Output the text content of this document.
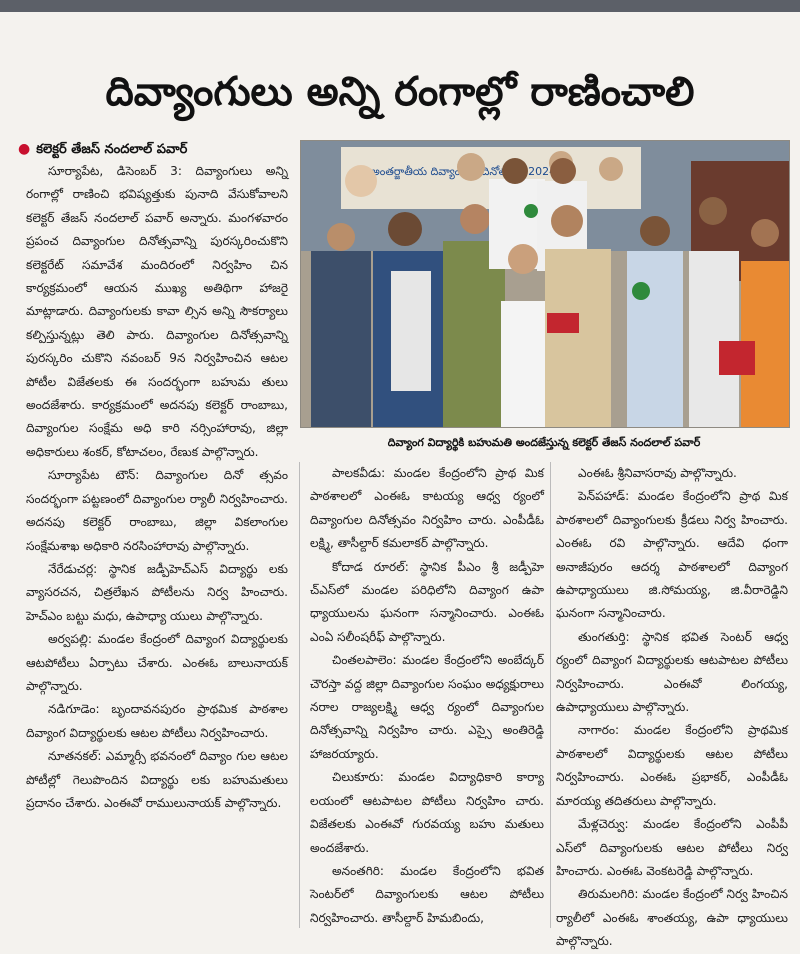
దివ్యాంగులు అన్ని రంగాల్లో రాణించాలి
● కలెక్టర్ తేజస్ నందలాల్ పవార్

సూర్యాపేట, డిసెంబర్ 3: దివ్యాంగులు అన్ని రంగాల్లో రాణించి భవిష్యత్తుకు పునాది వేసుకోవాలని కలెక్టర్ తేజస్ నందలాల్ పవార్ అన్నారు. మంగళవారం ప్రపంచ దివ్యాంగుల దినోత్సవాన్ని పురస్కరించుకొని కలెక్టరేట్ సమావేశ మందిరంలో నిర్వహిం చిన కార్యక్రమంలో ఆయన ముఖ్య అతిథిగా హాజరై మాట్లాడారు. దివ్యాంగులకు కావా ల్సిన అన్ని సౌకర్యాలు కల్పిస్తున్నట్లు తెలి పారు. దివ్యాంగుల దినోత్సవాన్ని పురస్కరిం చుకొని నవంబర్ 9న నిర్వహించిన ఆటల పోటీల విజేతలకు ఈ సందర్భంగా బహుమ తులు అందజేశారు. కార్యక్రమంలో అదనపు కలెక్టర్ రాంబాబు, దివ్యాంగుల సంక్షేమ అధి కారి నర్సింహారావు, జిల్లా అధికారులు శంకర్, కోటాచలం, రేణుక పాల్గొన్నారు.

సూర్యాపేట టౌన్: దివ్యాంగుల దినో త్సవం సందర్భంగా పట్టణంలో దివ్యాంగుల ర్యాలీ నిర్వహించారు. అదనపు కలెక్టర్ రాంబాబు, జిల్లా వికలాంగుల సంక్షేమశాఖ అధికారి నరసింహారావు పాల్గొన్నారు.

నేరేడుచర్ల: స్థానిక జడ్పీహెచ్ఎస్ విద్యార్థు లకు వ్యాసరచన, చిత్రలేఖన పోటీలను నిర్వ హించారు. హెచ్ఎం బట్టు మధు, ఉపాధ్యా యులు పాల్గొన్నారు.

అర్వపల్లి: మండల కేంద్రంలో దివ్యాంగ విద్యార్థులకు ఆటపోటీలు ఏర్పాటు చేశారు. ఎంఈఓ బాలునాయక్ పాల్గొన్నారు.

నడిగూడెం: బృందావనపురం ప్రాథమిక పాఠశాల దివ్యాంగ విద్యార్థులకు ఆటల పోటీలు నిర్వహించారు.

నూతనకల్: ఎమ్మార్సీ భవనంలో దివ్యాం గుల ఆటల పోటీల్లో గెలుపొందిన విద్యార్థు లకు బహుమతులు ప్రదానం చేశారు. ఎంఈవో రాములునాయక్ పాల్గొన్నారు.

అంతర్జాతీయ దివ్యాంగుల 2024
దివ్యాంగ విద్యార్థికి బహుమతి అందజేస్తున్న కలెక్టర్ తేజస్ నందలాల్ పవార్

పాలకవీడు: మండల కేంద్రంలోని ప్రాథ మిక పాఠశాలలో ఎంఈఓ కాటయ్య ఆధ్వ ర్యంలో దివ్యాంగుల దినోత్సవం నిర్వహిం చారు. ఎంపీడీఓ లక్ష్మి, తాసీల్దార్ కమలాకర్ పాల్గొన్నారు.

కోదాడ రూరల్: స్థానిక పీఎం శ్రీ జడ్పీహె చ్ఎస్‌లో మండల పరిధిలోని దివ్యాంగ ఉపా ధ్యాయులను ఘనంగా సన్మానించారు. ఎంఈఓ ఎంఏ సలీంషరీఫ్ పాల్గొన్నారు.

చింతలపాలెం: మండల కేంద్రంలోని అంబేద్కర్ చౌరస్తా వద్ద జిల్లా దివ్యాంగుల సంఘం అధ్యక్షురాలు నరాల రాజ్యలక్ష్మి ఆధ్వ ర్యంలో దివ్యాంగుల దినోత్సవాన్ని నిర్వహిం చారు. ఎస్సై అంతిరెడ్డి హాజరయ్యారు.

చిలుకూరు: మండల విద్యాధికారి కార్యా లయంలో ఆటపాటల పోటీలు నిర్వహిం చారు. విజేతలకు ఎంఈవో గురవయ్య బహు మతులు అందజేశారు.

అనంతగిరి: మండల కేంద్రంలోని భవిత సెంటర్‌లో దివ్యాంగులకు ఆటల పోటీలు నిర్వహించారు. తాసీల్దార్ హిమబిందు,

ఎంఈఓ శ్రీనివాసరావు పాల్గొన్నారు.

పెన్‌పహాడ్: మండల కేంద్రంలోని ప్రాథ మిక పాఠశాలలో దివ్యాంగులకు క్రీడలు నిర్వ హించారు. ఎంఈఓ రవి పాల్గొన్నారు. ఆదేవి ధంగా అనాజీపురం ఆదర్శ పాఠశాలలో దివ్యాంగ ఉపాధ్యాయులు జి.సోమయ్య, జి.వీరారెడ్డిని ఘనంగా సన్మానించారు.

తుంగతుర్తి: స్థానిక భవిత సెంటర్ ఆధ్వ ర్యంలో దివ్యాంగ విద్యార్థులకు ఆటపాటల పోటీలు నిర్వహించారు. ఎంఈవో లింగయ్య, ఉపాధ్యాయులు పాల్గొన్నారు.

నాగారం: మండల కేంద్రంలోని ప్రాథమిక పాఠశాలలో విద్యార్థులకు ఆటల పోటీలు నిర్వహించారు. ఎంఈఓ ప్రభాకర్, ఎంపీడీఓ మారయ్య తదితరులు పాల్గొన్నారు.

మేళ్లచెర్వు: మండల కేంద్రంలోని ఎంపీపీ ఎస్‌లో దివ్యాంగులకు ఆటల పోటీలు నిర్వ హించారు. ఎంఈఓ వెంకటరెడ్డి పాల్గొన్నారు.

తిరుమలగిరి: మండల కేంద్రంలో నిర్వ హించిన ర్యాలీలో ఎంఈఓ శాంతయ్య, ఉపా ధ్యాయులు పాల్గొన్నారు.
